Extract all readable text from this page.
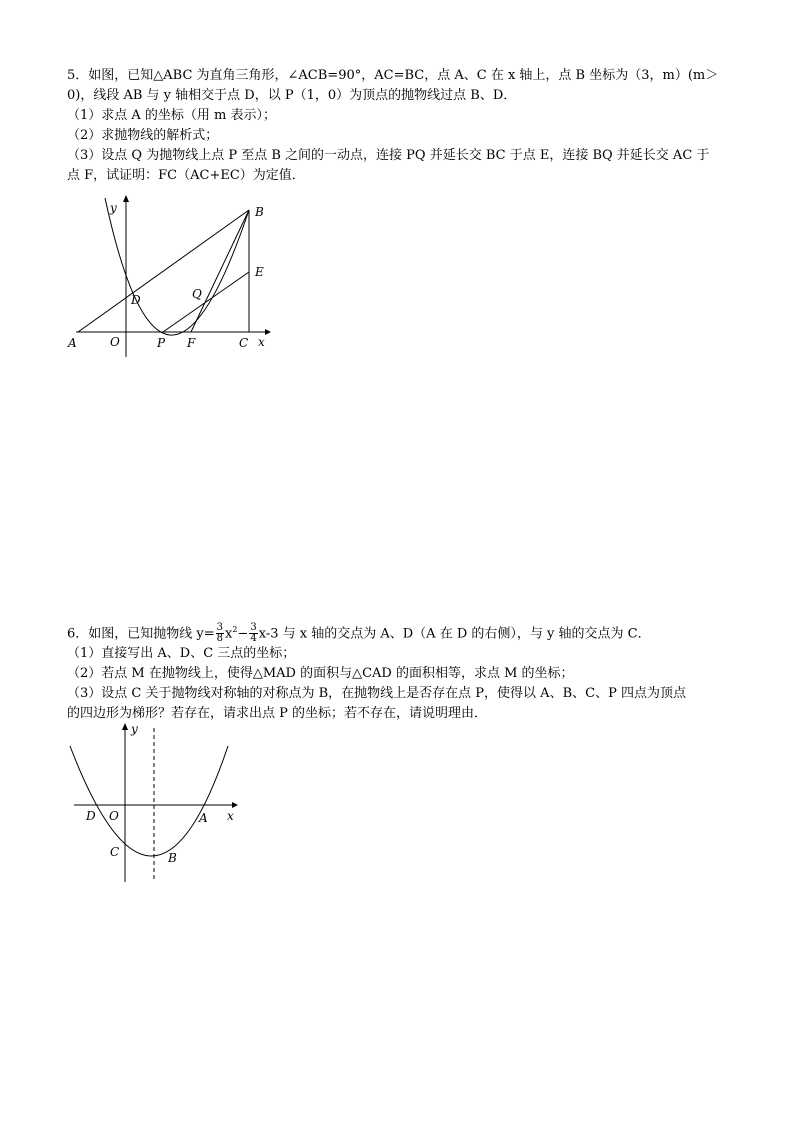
5．如图，已知△ABC 为直角三角形，∠ACB=90°，AC=BC，点 A、C 在 x 轴上，点 B 坐标为（3，m）(m＞
0)，线段 AB 与 y 轴相交于点 D，以 P（1，0）为顶点的抛物线过点 B、D．
（1）求点 A 的坐标（用 m 表示）；
（2）求抛物线的解析式；
（3）设点 Q 为抛物线上点 P 至点 B 之间的一动点，连接 PQ 并延长交 BC 于点 E，连接 BQ 并延长交 AC 于
点 F，试证明：FC（AC+EC）为定值．
y	B
E
D	Q
A	O	P F	C x
6．如图，已知抛物线 $y= \frac{3}{8} x^2- \frac{3}{4} x-3$ 与 x 轴的交点为 A、D（A 在 D 的右侧），与 y 轴的交点为 C．
（1）直接写出 A、D、C 三点的坐标；
（2）若点 M 在抛物线上，使得△MAD 的面积与△CAD 的面积相等，求点 M 的坐标；
（3）设点 C 关于抛物线对称轴的对称点为 B，在抛物线上是否存在点 P，使得以 A、B、C、P 四点为顶点
的四边形为梯形？若存在，请求出点 P 的坐标；若不存在，请说明理由．
y
D O	A x
C	B
